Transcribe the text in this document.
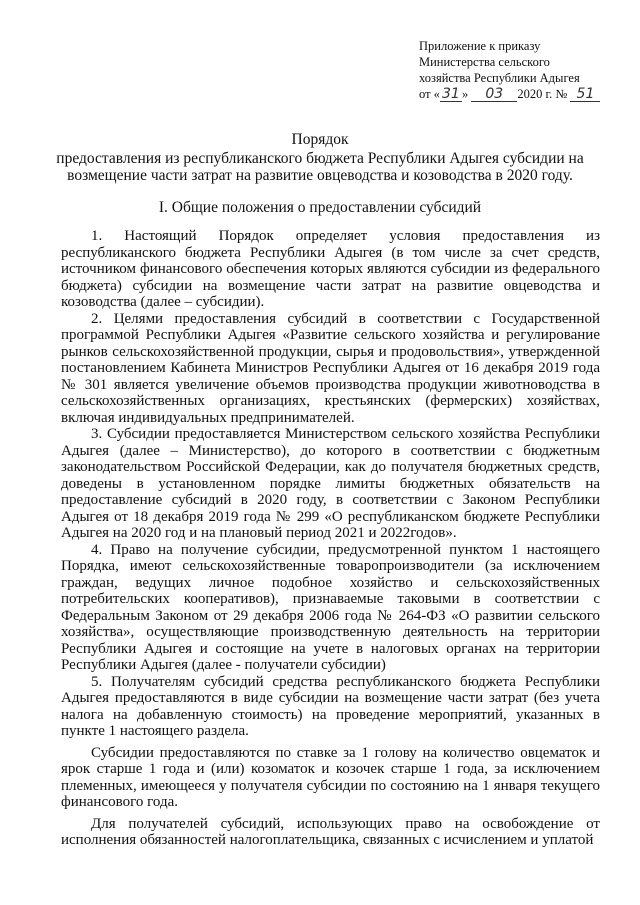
Приложение к приказу
Министерства сельского
хозяйства Республики Адыгея
от « 31 » 03 2020 г. № 51
Порядок
предоставления из республиканского бюджета Республики Адыгея субсидии на возмещение части затрат на развитие овцеводства и козоводства в 2020 году.
I. Общие положения о предоставлении субсидий

1. Настоящий Порядок определяет условия предоставления из республиканского бюджета Республики Адыгея (в том числе за счет средств, источником финансового обеспечения которых являются субсидии из федерального бюджета) субсидии на возмещение части затрат на развитие овцеводства и козоводства (далее – субсидии).

2. Целями предоставления субсидий в соответствии с Государственной программой Республики Адыгея «Развитие сельского хозяйства и регулирование рынков сельскохозяйственной продукции, сырья и продовольствия», утвержденной постановлением Кабинета Министров Республики Адыгея от 16 декабря 2019 года № 301 является увеличение объемов производства продукции животноводства в сельскохозяйственных организациях, крестьянских (фермерских) хозяйствах, включая индивидуальных предпринимателей.

3. Субсидии предоставляется Министерством сельского хозяйства Республики Адыгея (далее – Министерство), до которого в соответствии с бюджетным законодательством Российской Федерации, как до получателя бюджетных средств, доведены в установленном порядке лимиты бюджетных обязательств на предоставление субсидий в 2020 году, в соответствии с Законом Республики Адыгея от 18 декабря 2019 года № 299 «О республиканском бюджете Республики Адыгея на 2020 год и на плановый период 2021 и 2022годов».

4. Право на получение субсидии, предусмотренной пунктом 1 настоящего Порядка, имеют сельскохозяйственные товаропроизводители (за исключением граждан, ведущих личное подобное хозяйство и сельскохозяйственных потребительских кооперативов), признаваемые таковыми в соответствии с Федеральным Законом от 29 декабря 2006 года № 264-ФЗ «О развитии сельского хозяйства», осуществляющие производственную деятельность на территории Республики Адыгея и состоящие на учете в налоговых органах на территории Республики Адыгея (далее - получатели субсидии)

5. Получателям субсидий средства республиканского бюджета Республики Адыгея предоставляются в виде субсидии на возмещение части затрат (без учета налога на добавленную стоимость) на проведение мероприятий, указанных в пункте 1 настоящего раздела.

Субсидии предоставляются по ставке за 1 голову на количество овцематок и ярок старше 1 года и (или) козоматок и козочек старше 1 года, за исключением племенных, имеющееся у получателя субсидии по состоянию на 1 января текущего финансового года.

Для получателей субсидий, использующих право на освобождение от исполнения обязанностей налогоплательщика, связанных с исчислением и уплатой
